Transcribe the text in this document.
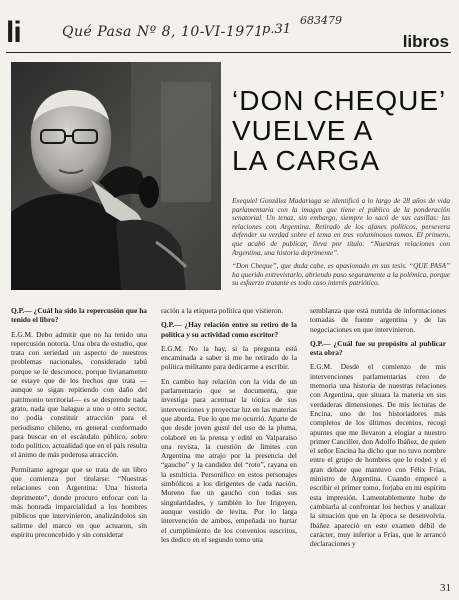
li	Qué Pasa Nº 8, 10-VI-1971
p.31
683479
libros
‘DON CHEQUE’
VUELVE A
LA CARGA

Exequiel González Madariaga se identificó a lo largo de 28 años de vida parlamentaria con la imagen que tiene el público de la ponderación senatorial. Un tenaz, sin embargo, siempre lo sacó de sus casillas: las relaciones con Argentina. Retirado de los afanes políticos, persevera defender su verdad sobre el tema en tres voluminosos tomos. El primero, que acabó de publicar, lleva por título: “Nuestras relaciones con Argentina, una historia deprimente”.

“Don Cheque”, que duda cabe, es apasionado en sus tesis. “QUE PASA” ha querido entrevistarlo, abriendo paso seguramente a la polémica, porque su esfuerzo tratante es todo caso interés patriótico.

Q.P.— ¿Cuál ha sido la repercusión que ha tenido el libro?

E.G.M. Debo admitir que no ha tenido una repercusión notoria. Una obra de estudio, que trata con seriedad un aspecto de nuestros problemas nacionales, considerado tabú porque se le desconoce, porque livianamente se estaye que de los hechos que trata —aunque se sigan repitiendo con daño del patrimonio territorial— es se desprende nada grato, nada que halague a uno u otro sector, no podía constituir atracción para el periodismo chileno, en general conformado para buscar en el escándalo público, sobre todo político, actualidad que en el país resulta el ánimo de más poderosa atracción.

Permítame agregar que se trata de un libro que comienza por titularse: “Nuestras relaciones con Argentina: Una historia deprimente”, donde procuro enfocar con la más honrada imparcialidad a los hombres públicos que intervinieron, analizándolos sin salirme del marco en que actuaron, sin espíritu preconcebido y sin considerar

ración a la etiqueta política que vistieron.

Q.P.— ¿Hay relación entre su retiro de la política y su actividad como escritor?

E.G.M. No la hay, si la pregunta está encaminada a saber si me he retirado de la política militante para dedicarme a escribir.

En cambio hay relación con la vida de un parlamentario que se documenta, que investiga para acentuar la tónica de sus intervenciones y proyectar luz en las materias que aborda. Fue lo que me ocurrió. Aparte de que desde joven gusté del uso de la pluma, colaboré en la prensa y edité en Valparaíso una revista, la cuestión de límites con Argentina me atrajo por la presencia del “gaucho” y la candidez del “roto”, rayana en la estulticia. Personifico en estos personajes simbólicos a los dirigentes de cada nación. Moreno fue un gaucho con todas sus singularidades, y también lo fue Irigoyen, aunque vestido de levita. Por lo larga intervención de ambos, empeñada no hurtar el cumplimiento de los convenios suscritos, les dedico en el segundo tomo una

semblanza que está nutrida de informaciones tomadas de fuente argentina y de las negociaciones en que intervinieron.

Q.P.— ¿Cuál fue su propósito al publicar esta obra?

E.G.M. Desde el comienzo de mis intervenciones parlamentarias creo de memoria una historia de nuestras relaciones con Argentina, que situara la materia en sus verdaderas dimensiones. De mis lecturas de Encina, uno de los historiadores más completos de los últimos decenios, recogí apuntes que me llevaron a elogiar a nuestro primer Canciller, don Adolfo Ibáñez, de quien el señor Encina ha dicho que no tuvo nombre entre el grupo de hombres que le rodeó y el gran debate que mantuvo con Félix Frías, ministro de Argentina. Cuando empecé a escribir el primer tomo, forjaba en mi espíritu esta impresión. Lamentablemente hube de cambiarla al confrontar los hechos y analizar la situación que en la época se desenvolvía. Ibáñez apareció en este examen débil de carácter, muy inferior a Frías, que le arrancó declaraciones y

31
